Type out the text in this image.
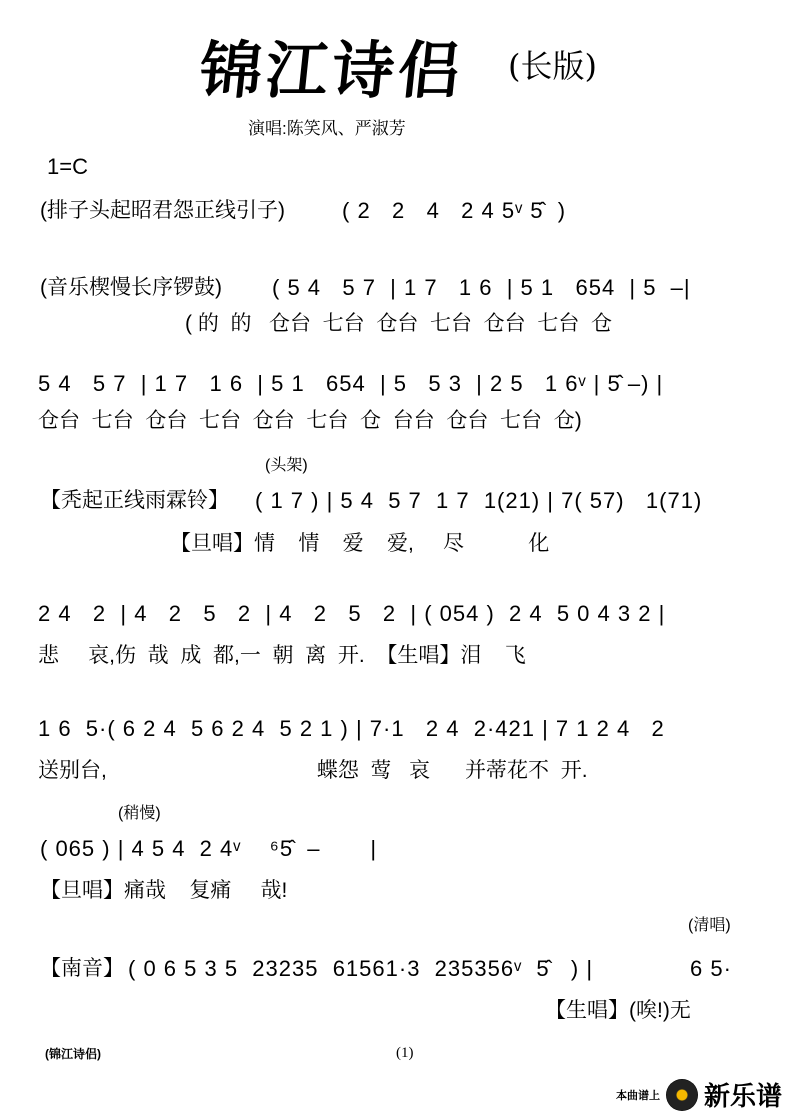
锦江诗侣 (长版)
演唱:陈笑风、严淑芳
1=C
(排子头起昭君怨正线引子)	( 2   2   4   2 4 5ᵛ 5̂  )
(音乐楔慢长序锣鼓) ( 5 4   5 7  | 1 7   1 6  | 5 1   654  | 5  –|
( 的  的   仓台  七台  仓台  七台  仓台  七台  仓
5 4   5 7  | 1 7   1 6  | 5 1   654  | 5   5 3  | 2 5   1 6ᵛ | 5̂ –) |
仓台  七台  仓台  七台  仓台  七台  仓  台台  仓台  七台  仓)
(头架)
【秃起正线雨霖铃】 ( 1 7 ) | 5 4  5 7  1 7  1(21) | 7( 57)   1(71)
【旦唱】情    情    爱    爱,     尽           化
2 4   2  | 4   2   5   2  | 4   2   5   2  | ( 054 )  2 4  5 0 4 3 2 |
悲     哀,伤  哉  成  都,一  朝  离  开.  【生唱】泪    飞
1 6  5·( 6 2 4  5 6 2 4  5 2 1 ) | 7·1   2 4  2·421 | 7 1 2 4   2
送别台,                                    蝶怨  莺   哀      并蒂花不  开.
(稍慢)
( 065 ) | 4 5 4  2 4ᵛ    ⁶5̂  –       |
【旦唱】痛哉    复痛     哉!
(清唱)
【南音】 ( 0 6 5 3 5  23235  61561·3  235356ᵛ  5̂   ) |	6 5·
【生唱】(唉!)无
(锦江诗侣)	(1)
本曲谱上 新乐谱
